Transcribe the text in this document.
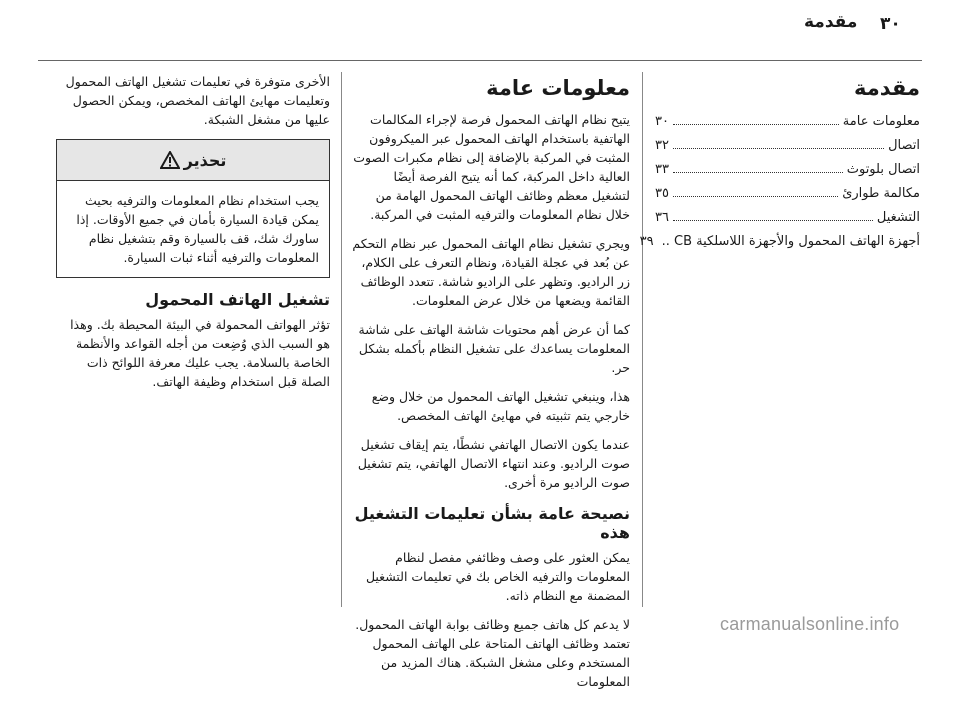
٣٠
مقدمة
مقدمة
معلومات عامة
٣٠
اتصال
٣٢
اتصال بلوتوث
٣٣
مكالمة طوارئ
٣٥
التشغيل
٣٦
أجهزة الهاتف المحمول والأجهزة اللاسلكية CB ..
٣٩
معلومات عامة

يتيح نظام الهاتف المحمول فرصة لإجراء المكالمات الهاتفية باستخدام الهاتف المحمول عبر الميكروفون المثبت في المركبة بالإضافة إلى نظام مكبرات الصوت العالية داخل المركبة، كما أنه يتيح الفرصة أيضًا لتشغيل معظم وظائف الهاتف المحمول الهامة من خلال نظام المعلومات والترفيه المثبت في المركبة.

ويجري تشغيل نظام الهاتف المحمول عبر نظام التحكم عن بُعد في عجلة القيادة، ونظام التعرف على الكلام، زر الراديو. وتظهر على الراديو شاشة. تتعدد الوظائف القائمة ويضعها من خلال عرض المعلومات.

كما أن عرض أهم محتويات شاشة الهاتف على شاشة المعلومات يساعدك على تشغيل النظام بأكمله بشكل حر.

هذا، وينبغي تشغيل الهاتف المحمول من خلال وضع خارجي يتم تثبيته في مهايئ الهاتف المخصص.

عندما يكون الاتصال الهاتفي نشطًا، يتم إيقاف تشغيل صوت الراديو. وعند انتهاء الاتصال الهاتفي، يتم تشغيل صوت الراديو مرة أخرى.

نصيحة عامة بشأن تعليمات التشغيل هذه

يمكن العثور على وصف وظائفي مفصل لنظام المعلومات والترفيه الخاص بك في تعليمات التشغيل المضمنة مع النظام ذاته.

لا يدعم كل هاتف جميع وظائف بوابة الهاتف المحمول. تعتمد وظائف الهاتف المتاحة على الهاتف المحمول المستخدم وعلى مشغل الشبكة. هناك المزيد من المعلومات

الأخرى متوفرة في تعليمات تشغيل الهاتف المحمول وتعليمات مهايئ الهاتف المخصص، ويمكن الحصول عليها من مشغل الشبكة.

تحذير
يجب استخدام نظام المعلومات والترفيه بحيث يمكن قيادة السيارة بأمان في جميع الأوقات. إذا ساورك شك، قف بالسيارة وقم بتشغيل نظام المعلومات والترفيه أثناء ثبات السيارة.
تشغيل الهاتف المحمول

تؤثر الهواتف المحمولة في البيئة المحيطة بك. وهذا هو السبب الذي وُضِعت من أجله القواعد والأنظمة الخاصة بالسلامة. يجب عليك معرفة اللوائح ذات الصلة قبل استخدام وظيفة الهاتف.

carmanualsonline.info
